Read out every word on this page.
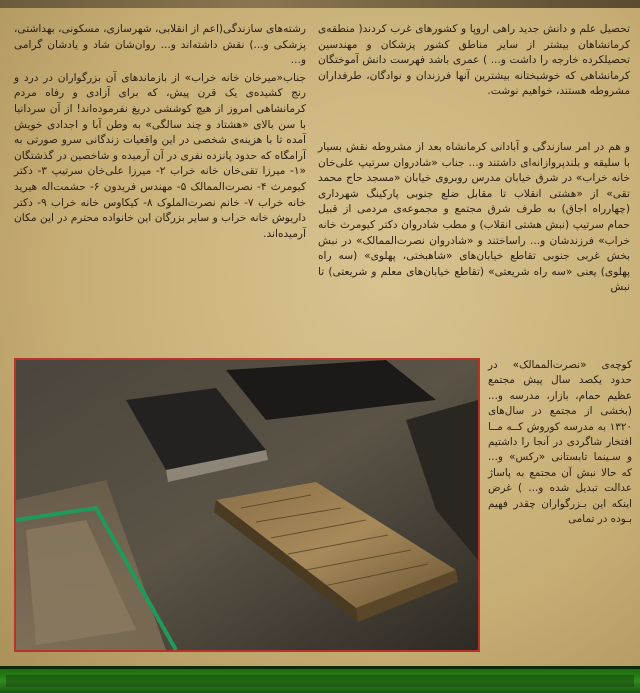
تحصیل علم و دانش جدید راهی اروپا و کشورهای غرب کردند( منطقه‌ی کرمانشاهان بیشتر از سایر مناطق کشور پزشکان و مهندسین تحصیلکرده خارجه را داشت و... ) عمری باشد فهرست دانش آموختگان کرمانشاهی که خوشبختانه بیشترین آنها فرزندان و نوادگان، طرفداران مشروطه هستند، خواهیم نوشت.

و هم در امر سازندگی و آبادانی کرمانشاه بعد از مشروطه نقش بسیار با سلیقه و بلندپروازانه‌ای داشتند و... جناب «شادروان سرتیپ علی‌خان خانه خراب» در شرق خیابان مدرس روبروی خیابان «مسجد حاج محمد تقی» از «هشتی انقلاب تا مقابل ضلع جنوبی پارکینگ شهرداری (چهارراه اجاق) به طرف شرق مجتمع و مجموعه‌ی مردمی از قبیل حمام سرتیپ (نبش هشتی انقلاب) و مطب شادروان دکتر کیومرث خانه خراب» فرزندشان و... راساختند و «شادروان نصرت‌الممالک» در نبش بخش غربی جنوبی تقاطع خیابان‌های «شاهبختی، پهلوی» (سه راه پهلوی) یعنی «سه راه شریعتی» (تقاطع خیابان‌های معلم و شریعتی) تا نبش

رشته‌های سازندگی(اعم از انقلابی، شهرسازی، مسکونی، بهداشتی، پزشکی و...) نقش داشته‌اند و... روان‌شان شاد و یادشان گرامی و...

جناب«میرخان خانه خراب» از بازماندهای آن بزرگواران در درد و رنج کشیده‌ی یک قرن پیش، که برای آزادی و رفاه مردم کرمانشاهی امروز از هیچ کوششی دریغ نفرموده‌اند! از آن سردانیا با سن بالای «هشتاد و چند سالگی» به وطن آبا و اجدادی خویش آمده تا با هزینه‌ی شخصی در این واقعیات زندگانی سرو صورتی به آرامگاه که حدود پانزده نفری در آن آرمیده و شاخصین در گذشتگان «۱- میرزا تقی‌خان خانه خراب ۲- میرزا علی‌خان سرتیپ ۳- دکتر کیومرث ۴- نصرت‌الممالک ۵- مهندس فریدون ۶- حشمت‌اله هیرید خانه خراب ۷- خانم نصرت‌الملوک ۸- کیکاوس خانه خراب ۹- دکتر داریوش خانه خراب و سایر بزرگان این خانواده محترم در این مکان آرمیده‌اند.

کوچه‌ی «نصرت‌الممالک» در حدود یکصد سال پیش مجتمع عظیم حمام، بازار، مدرسه و... (بخشی از مجتمع در سال‌های ۱۳۲۰ به مدرسه کوروش کــه مــا افتخار شاگردی در آنجا را داشتیم و سـینما تابستانی «رکس» و... که حالا نبش آن مجتمع به پاساژ عدالت تبدیل شده و... ) غرض اینکه این بـزرگواران چقدر فهیم بـوده در تمامی
